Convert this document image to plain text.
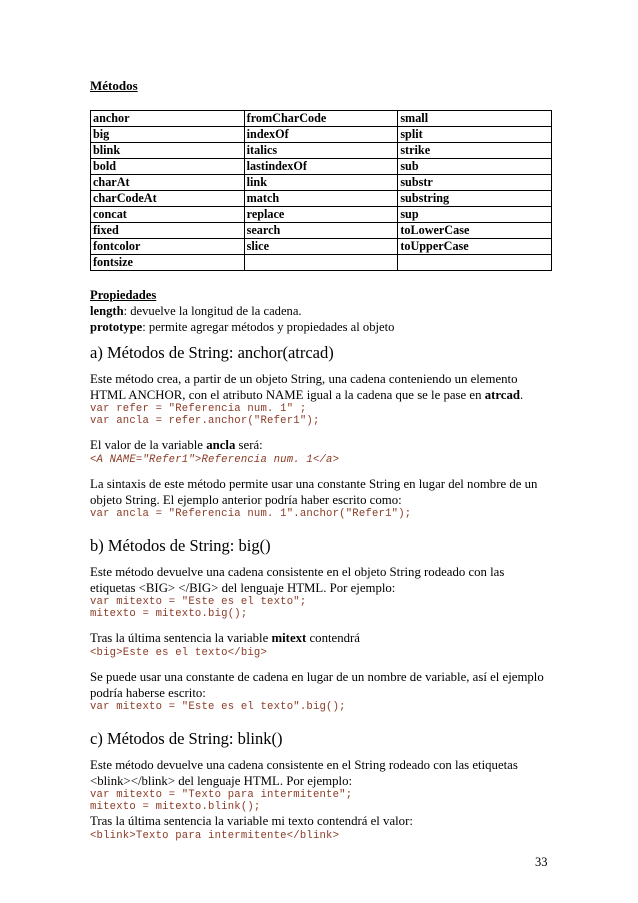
Métodos
anchor	fromCharCode	small
big	indexOf	split
blink	italics	strike
bold	lastindexOf	sub
charAt	link	substr
charCodeAt	match	substring
concat	replace	sup
fixed	search	toLowerCase
fontcolor	slice	toUpperCase
fontsize		
Propiedades
length: devuelve la longitud de la cadena.
prototype: permite agregar métodos y propiedades al objeto
a) Métodos de String: anchor(atrcad)

Este método crea, a partir de un objeto String, una cadena conteniendo un elemento HTML ANCHOR, con el atributo NAME igual a la cadena que se le pase en atrcad.

var refer = "Referencia num. 1" ;
var ancla = refer.anchor("Refer1");

El valor de la variable ancla será:

<A NAME="Refer1">Referencia num. 1</a>

La sintaxis de este método permite usar una constante String en lugar del nombre de un objeto String. El ejemplo anterior podría haber escrito como:

var ancla = "Referencia num. 1".anchor("Refer1");
b) Métodos de String: big()

Este método devuelve una cadena consistente en el objeto String rodeado con las etiquetas <BIG> </BIG> del lenguaje HTML. Por ejemplo:

var mitexto = "Este es el texto";
mitexto = mitexto.big();

Tras la última sentencia la variable mitext contendrá

<big>Este es el texto</big>

Se puede usar una constante de cadena en lugar de un nombre de variable, así el ejemplo podría haberse escrito:

var mitexto = "Este es el texto".big();
c) Métodos de String: blink()

Este método devuelve una cadena consistente en el String rodeado con las etiquetas <blink></blink> del lenguaje HTML. Por ejemplo:

var mitexto = "Texto para intermitente";
mitexto = mitexto.blink();

Tras la última sentencia la variable mi texto contendrá el valor:

<blink>Texto para intermitente</blink>
33
